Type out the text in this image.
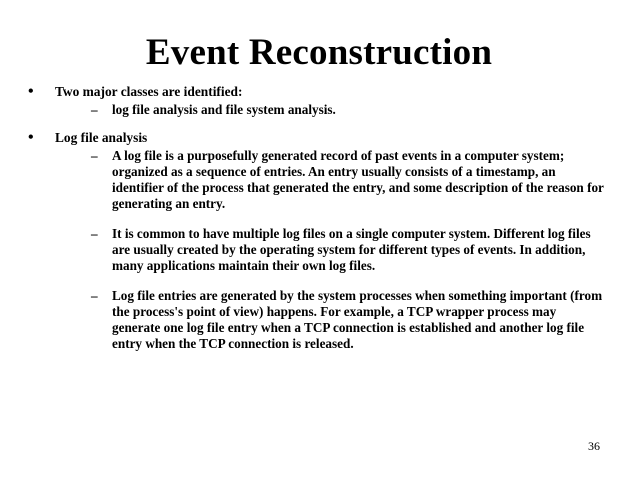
Event Reconstruction
• Two major classes are identified:
– log file analysis and file system analysis.
• Log file analysis
– A log file is a purposefully generated record of past events in a computer system; organized as a sequence of entries. An entry usually consists of a timestamp, an identifier of the process that generated the entry, and some description of the reason for generating an entry.
– It is common to have multiple log files on a single computer system. Different log files are usually created by the operating system for different types of events. In addition, many applications maintain their own log files.
– Log file entries are generated by the system processes when something important (from the process's point of view) happens. For example, a TCP wrapper process may generate one log file entry when a TCP connection is established and another log file entry when the TCP connection is released.
36
